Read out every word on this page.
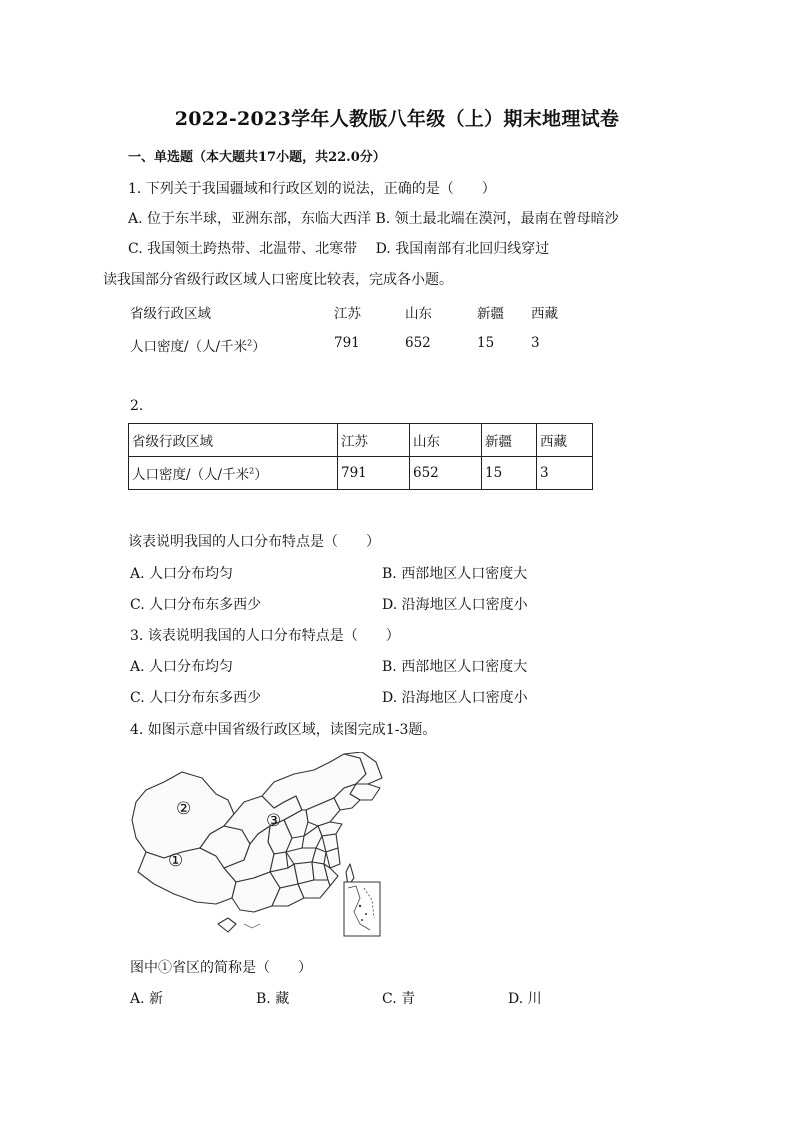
2022-2023学年人教版八年级（上）期末地理试卷
一、单选题（本大题共17小题，共22.0分）
1. 下列关于我国疆域和行政区划的说法，正确的是（　　）
A. 位于东半球，亚洲东部，东临大西洋 B. 领土最北端在漠河，最南在曾母暗沙
C. 我国领土跨热带、北温带、北寒带　 D. 我国南部有北回归线穿过
读我国部分省级行政区域人口密度比较表，完成各小题。
省级行政区域	江苏	山东	新疆 西藏
人口密度/（人/千米$^2$）	791	652	15	3
2.
省级行政区域	江苏	山东	新疆	西藏
人口密度/（人/千米$^2$）	791	652	15	3
该表说明我国的人口分布特点是（　　）
A. 人口分布均匀	B. 西部地区人口密度大
C. 人口分布东多西少	D. 沿海地区人口密度小
3. 该表说明我国的人口分布特点是（　　）
A. 人口分布均匀	B. 西部地区人口密度大
C. 人口分布东多西少	D. 沿海地区人口密度小
4. 如图示意中国省级行政区域，读图完成1-3题。
②
①
③
图中①省区的简称是（　　）
A. 新	B. 藏	C. 青	D. 川
